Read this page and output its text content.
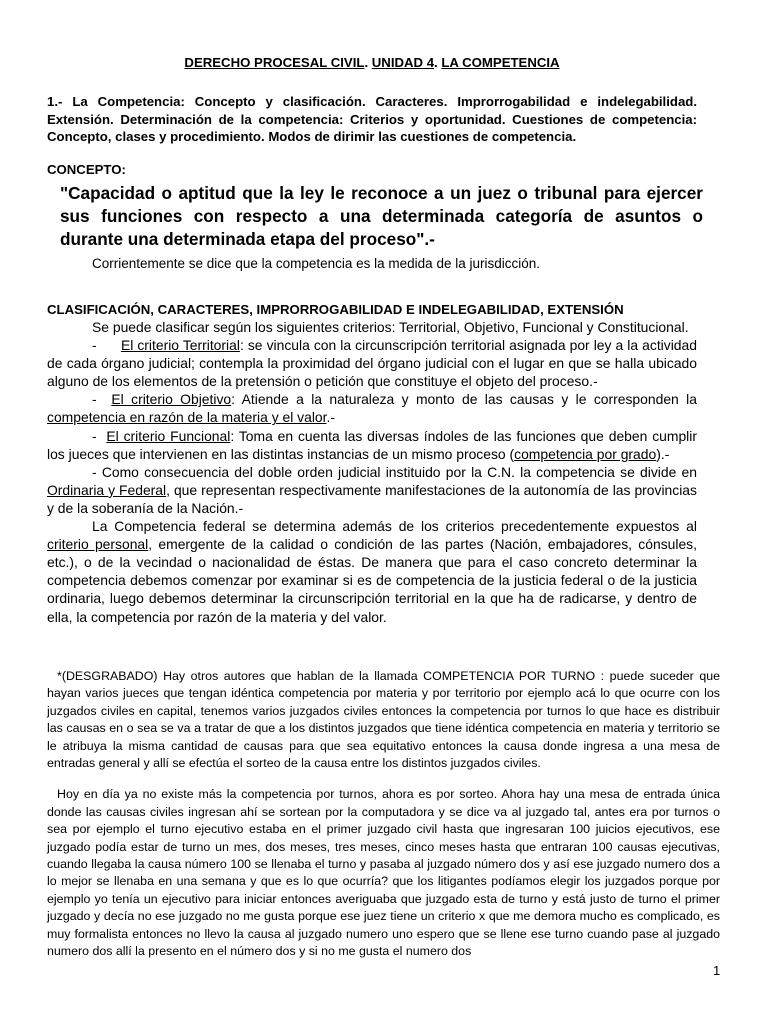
DERECHO PROCESAL CIVIL. UNIDAD 4. LA COMPETENCIA
1.- La Competencia: Concepto y clasificación. Caracteres. Improrrogabilidad e indelegabilidad. Extensión. Determinación de la competencia: Criterios y oportunidad. Cuestiones de competencia: Concepto, clases y procedimiento. Modos de dirimir las cuestiones de competencia.
CONCEPTO:
"Capacidad o aptitud que la ley le reconoce a un juez o tribunal para ejercer sus funciones con respecto a una determinada categoría de asuntos o durante una determinada etapa del proceso".-
Corrientemente se dice que la competencia es la medida de la jurisdicción.
CLASIFICACIÓN, CARACTERES, IMPRORROGABILIDAD E INDELEGABILIDAD, EXTENSIÓN

Se puede clasificar según los siguientes criterios: Territorial, Objetivo, Funcional y Constitucional.

-      El criterio Territorial: se vincula con la circunscripción territorial asignada por ley a la actividad de cada órgano judicial; contempla la proximidad del órgano judicial con el lugar en que se halla ubicado alguno de los elementos de la pretensión o petición que constituye el objeto del proceso.-

-  El criterio Objetivo: Atiende a la naturaleza y monto de las causas y le corresponden la competencia en razón de la materia y el valor.-

-  El criterio Funcional: Toma en cuenta las diversas índoles de las funciones que deben cumplir los jueces que intervienen en las distintas instancias de un mismo proceso (competencia por grado).-

- Como consecuencia del doble orden judicial instituido por la C.N. la competencia se divide en Ordinaria y Federal, que representan respectivamente manifestaciones de la autonomía de las provincias y de la soberanía de la Nación.-

La Competencia federal se determina además de los criterios precedentemente expuestos al criterio personal, emergente de la calidad o condición de las partes (Nación, embajadores, cónsules, etc.), o de la vecindad o nacionalidad de éstas. De manera que para el caso concreto determinar la competencia debemos comenzar por examinar si es de competencia de la justicia federal o de la justicia ordinaria, luego debemos determinar la circunscripción territorial en la que ha de radicarse, y dentro de ella, la competencia por razón de la materia y del valor.

*(DESGRABADO) Hay otros autores que hablan de la llamada COMPETENCIA POR TURNO : puede suceder que hayan varios jueces que tengan idéntica competencia por materia y por territorio por ejemplo acá lo que ocurre con los juzgados civiles en capital, tenemos varios juzgados civiles entonces la competencia por turnos lo que hace es distribuir las causas en o sea se va a tratar de que a los distintos juzgados que tiene idéntica competencia en materia y territorio se le atribuya la misma cantidad de causas para que sea equitativo entonces la causa donde ingresa a una mesa de entradas general y allí se efectúa el sorteo de la causa entre los distintos juzgados civiles.

Hoy en día ya no existe más la competencia por turnos, ahora es por sorteo. Ahora hay una mesa de entrada única donde las causas civiles ingresan ahí se sortean por la computadora y se dice va al juzgado tal, antes era por turnos o sea por ejemplo el turno ejecutivo estaba en el primer juzgado civil hasta que ingresaran 100 juicios ejecutivos, ese juzgado podía estar de turno un mes, dos meses, tres meses, cinco meses hasta que entraran 100 causas ejecutivas, cuando llegaba la causa número 100 se llenaba el turno y pasaba al juzgado número dos y así ese juzgado numero dos a lo mejor se llenaba en una semana y que es lo que ocurría? que los litigantes podíamos elegir los juzgados porque por ejemplo yo tenía un ejecutivo para iniciar entonces averiguaba que juzgado esta de turno y está justo de turno el primer juzgado y decía no ese juzgado no me gusta porque ese juez tiene un criterio x que me demora mucho es complicado, es muy formalista entonces no llevo la causa al juzgado numero uno espero que se llene ese turno cuando pase al juzgado numero dos allí la presento en el número dos y si no me gusta el numero dos

1
